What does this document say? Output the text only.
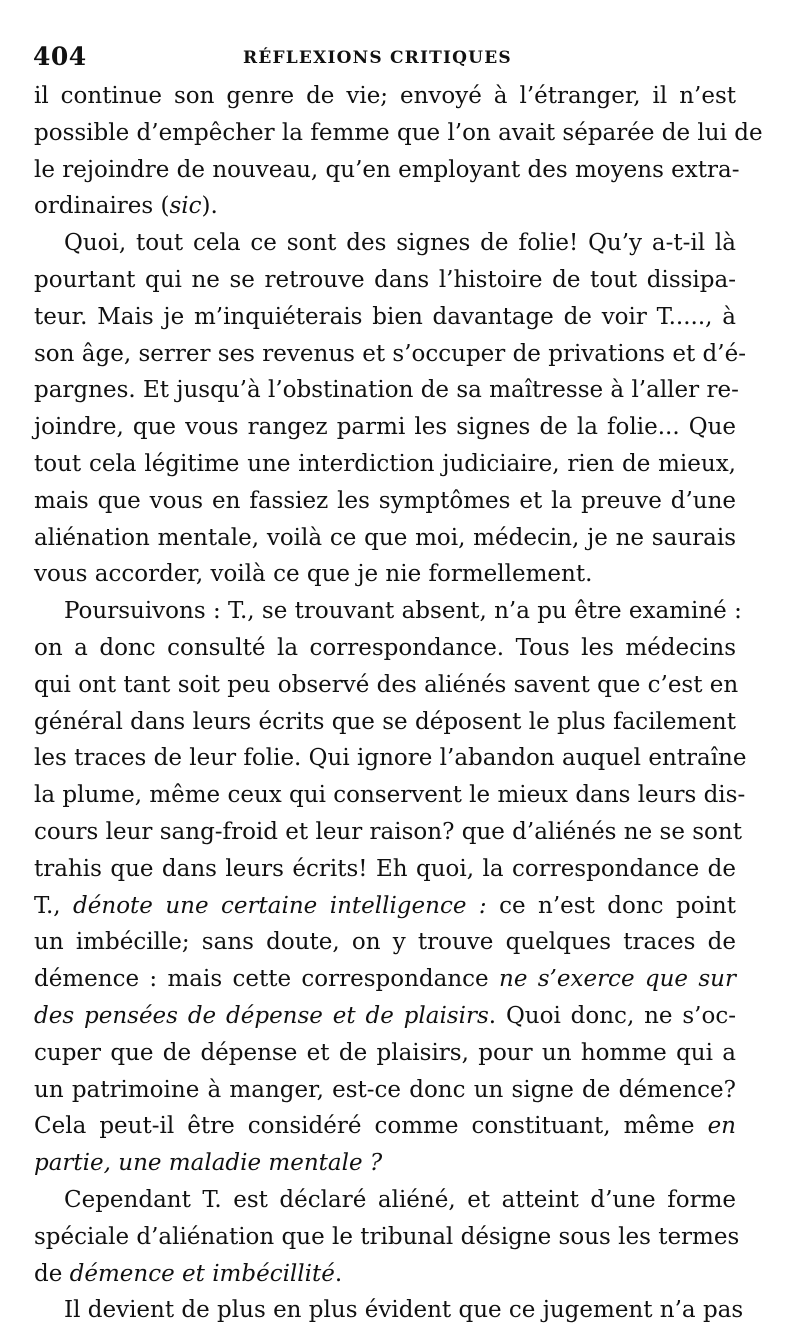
404	RÉFLEXIONS CRITIQUES
il continue son genre de vie; envoyé à l’étranger, il n’est
possible d’empêcher la femme que l’on avait séparée de lui de
le rejoindre de nouveau, qu’en employant des moyens extra-
ordinaires (sic).
Quoi, tout cela ce sont des signes de folie! Qu’y a-t-il là
pourtant qui ne se retrouve dans l’histoire de tout dissipa-
teur. Mais je m’inquiéterais bien davantage de voir T....., à
son âge, serrer ses revenus et s’occuper de privations et d’é-
pargnes. Et jusqu’à l’obstination de sa maîtresse à l’aller re-
joindre, que vous rangez parmi les signes de la folie... Que
tout cela légitime une interdiction judiciaire, rien de mieux,
mais que vous en fassiez les symptômes et la preuve d’une
aliénation mentale, voilà ce que moi, médecin, je ne saurais
vous accorder, voilà ce que je nie formellement.
Poursuivons : T., se trouvant absent, n’a pu être examiné :
on a donc consulté la correspondance. Tous les médecins
qui ont tant soit peu observé des aliénés savent que c’est en
général dans leurs écrits que se déposent le plus facilement
les traces de leur folie. Qui ignore l’abandon auquel entraîne
la plume, même ceux qui conservent le mieux dans leurs dis-
cours leur sang-froid et leur raison? que d’aliénés ne se sont
trahis que dans leurs écrits! Eh quoi, la correspondance de
T., dénote une certaine intelligence : ce n’est donc point
un imbécille; sans doute, on y trouve quelques traces de
démence : mais cette correspondance ne s’exerce que sur
des pensées de dépense et de plaisirs. Quoi donc, ne s’oc-
cuper que de dépense et de plaisirs, pour un homme qui a
un patrimoine à manger, est-ce donc un signe de démence?
Cela peut-il être considéré comme constituant, même en
partie, une maladie mentale ?
Cependant T. est déclaré aliéné, et atteint d’une forme
spéciale d’aliénation que le tribunal désigne sous les termes
de démence et imbécillité.
Il devient de plus en plus évident que ce jugement n’a pas
